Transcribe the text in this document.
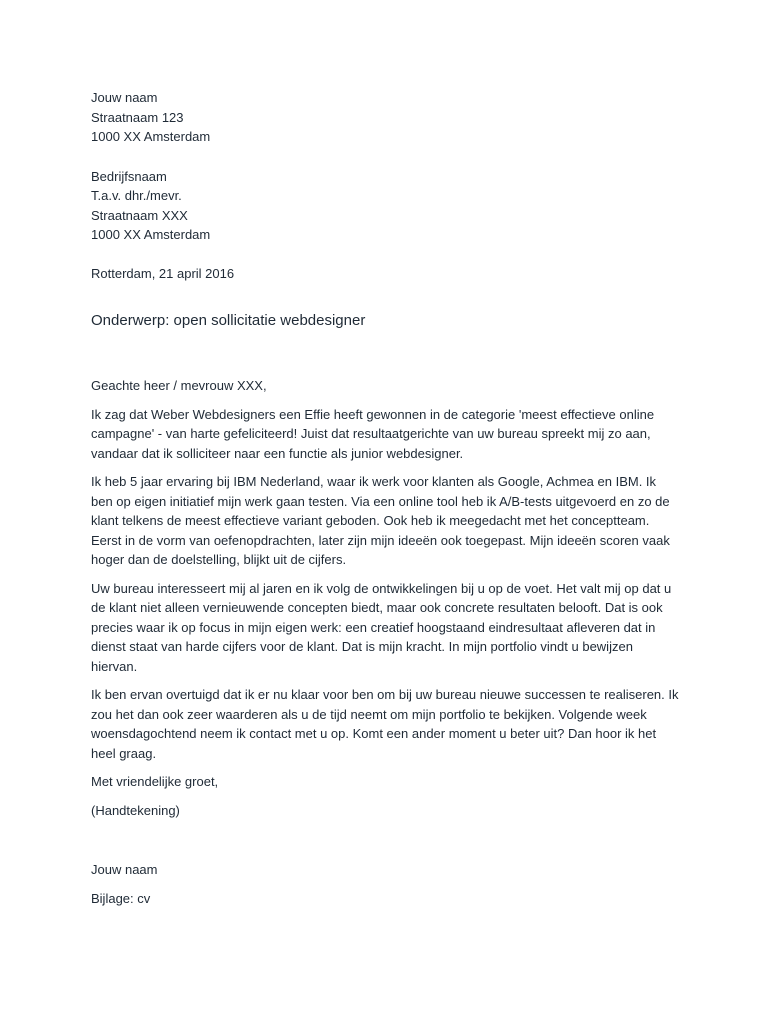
Jouw naam

Straatnaam 123

1000 XX Amsterdam

Bedrijfsnaam

T.a.v. dhr./mevr.

Straatnaam XXX

1000 XX Amsterdam

Rotterdam, 21 april 2016

Onderwerp: open sollicitatie webdesigner

Geachte heer / mevrouw XXX,

Ik zag dat Weber Webdesigners een Effie heeft gewonnen in de categorie 'meest effectieve online
campagne' - van harte gefeliciteerd! Juist dat resultaatgerichte van uw bureau spreekt mij zo aan,
vandaar dat ik solliciteer naar een functie als junior webdesigner.
Ik heb 5 jaar ervaring bij IBM Nederland, waar ik werk voor klanten als Google, Achmea en IBM. Ik
ben op eigen initiatief mijn werk gaan testen. Via een online tool heb ik A/B-tests uitgevoerd en zo de
klant telkens de meest effectieve variant geboden. Ook heb ik meegedacht met het conceptteam.
Eerst in de vorm van oefenopdrachten, later zijn mijn ideeën ook toegepast. Mijn ideeën scoren vaak
hoger dan de doelstelling, blijkt uit de cijfers.
Uw bureau interesseert mij al jaren en ik volg de ontwikkelingen bij u op de voet. Het valt mij op dat u
de klant niet alleen vernieuwende concepten biedt, maar ook concrete resultaten belooft. Dat is ook
precies waar ik op focus in mijn eigen werk: een creatief hoogstaand eindresultaat afleveren dat in
dienst staat van harde cijfers voor de klant. Dat is mijn kracht. In mijn portfolio vindt u bewijzen
hiervan.
Ik ben ervan overtuigd dat ik er nu klaar voor ben om bij uw bureau nieuwe successen te realiseren. Ik
zou het dan ook zeer waarderen als u de tijd neemt om mijn portfolio te bekijken. Volgende week
woensdagochtend neem ik contact met u op. Komt een ander moment u beter uit? Dan hoor ik het
heel graag.

Met vriendelijke groet,

(Handtekening)

Jouw naam

Bijlage: cv
